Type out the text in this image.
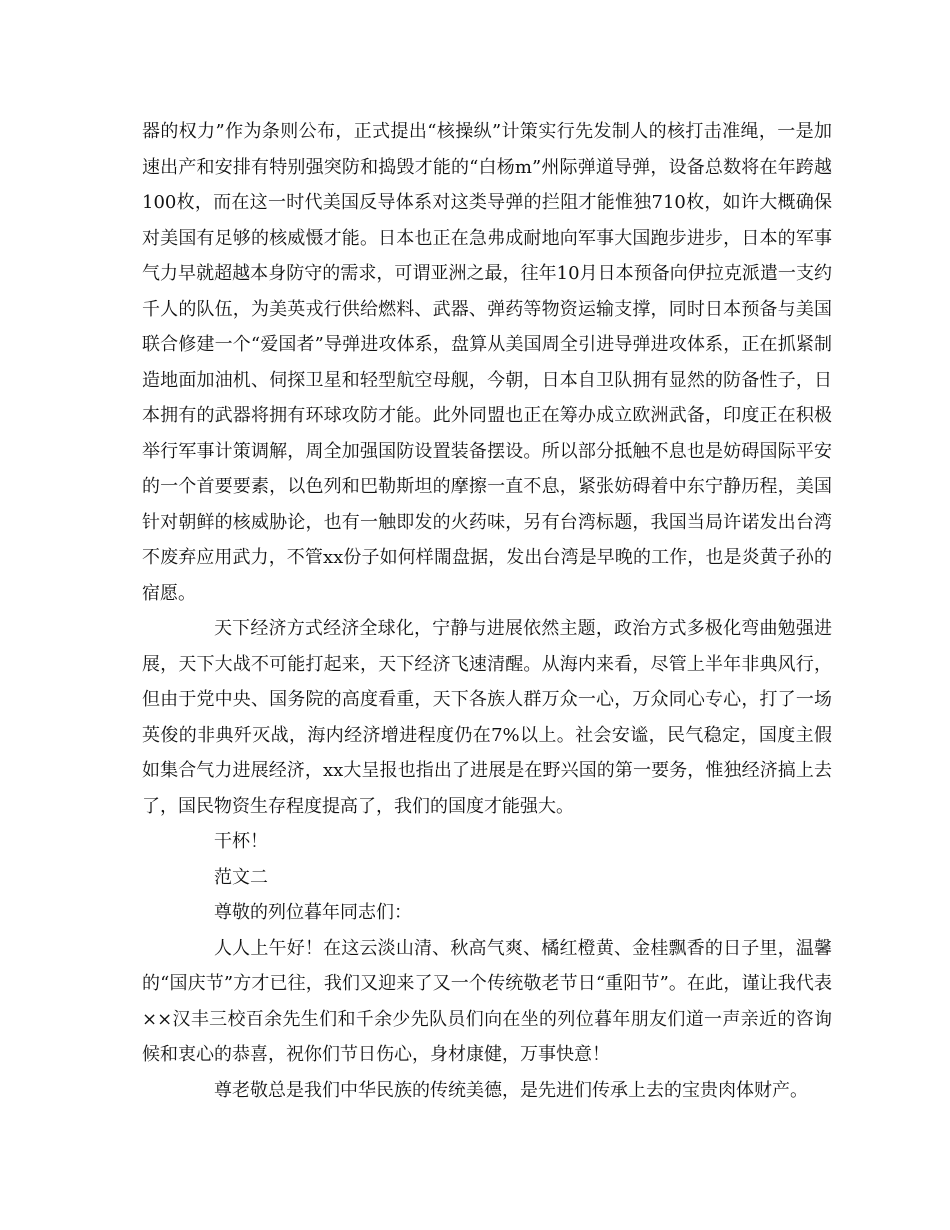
器的权力”作为条则公布，正式提出“核操纵”计策实行先发制人的核打击准绳，一是加速出产和安排有特别强突防和捣毁才能的“白杨m”州际弹道导弹，设备总数将在年跨越100枚，而在这一时代美国反导体系对这类导弹的拦阻才能惟独710枚，如许大概确保对美国有足够的核威慑才能。日本也正在急弗成耐地向军事大国跑步进步，日本的军事气力早就超越本身防守的需求，可谓亚洲之最，往年10月日本预备向伊拉克派遣一支约千人的队伍，为美英戎行供给燃料、武器、弹药等物资运输支撑，同时日本预备与美国联合修建一个“爱国者”导弹进攻体系，盘算从美国周全引进导弹进攻体系，正在抓紧制造地面加油机、伺探卫星和轻型航空母舰，今朝，日本自卫队拥有显然的防备性子，日本拥有的武器将拥有环球攻防才能。此外同盟也正在筹办成立欧洲武备，印度正在积极举行军事计策调解，周全加强国防设置装备摆设。所以部分抵触不息也是妨碍国际平安的一个首要要素，以色列和巴勒斯坦的摩擦一直不息，紧张妨碍着中东宁静历程，美国针对朝鲜的核威胁论，也有一触即发的火药味，另有台湾标题，我国当局许诺发出台湾不废弃应用武力，不管xx份子如何样閙盘据，发出台湾是早晚的工作，也是炎黄子孙的宿愿。

天下经济方式经济全球化，宁静与进展依然主题，政治方式多极化弯曲勉强进展，天下大战不可能打起来，天下经济飞速清醒。从海内来看，尽管上半年非典风行，但由于党中央、国务院的高度看重，天下各族人群万众一心，万众同心专心，打了一场英俊的非典歼灭战，海内经济增进程度仍在7%以上。社会安谧，民气稳定，国度主假如集合气力进展经济，xx大呈报也指出了进展是在野兴国的第一要务，惟独经济搞上去了，国民物资生存程度提高了，我们的国度才能强大。

干杯！

范文二

尊敬的列位暮年同志们：

人人上午好！在这云淡山清、秋高气爽、橘红橙黄、金桂飘香的日子里，温馨的“国庆节”方才已往，我们又迎来了又一个传统敬老节日“重阳节”。在此，谨让我代表××汉丰三校百余先生们和千余少先队员们向在坐的列位暮年朋友们道一声亲近的咨询候和衷心的恭喜，祝你们节日伤心，身材康健，万事快意！

尊老敬总是我们中华民族的传统美德，是先进们传承上去的宝贵肉体财产。
